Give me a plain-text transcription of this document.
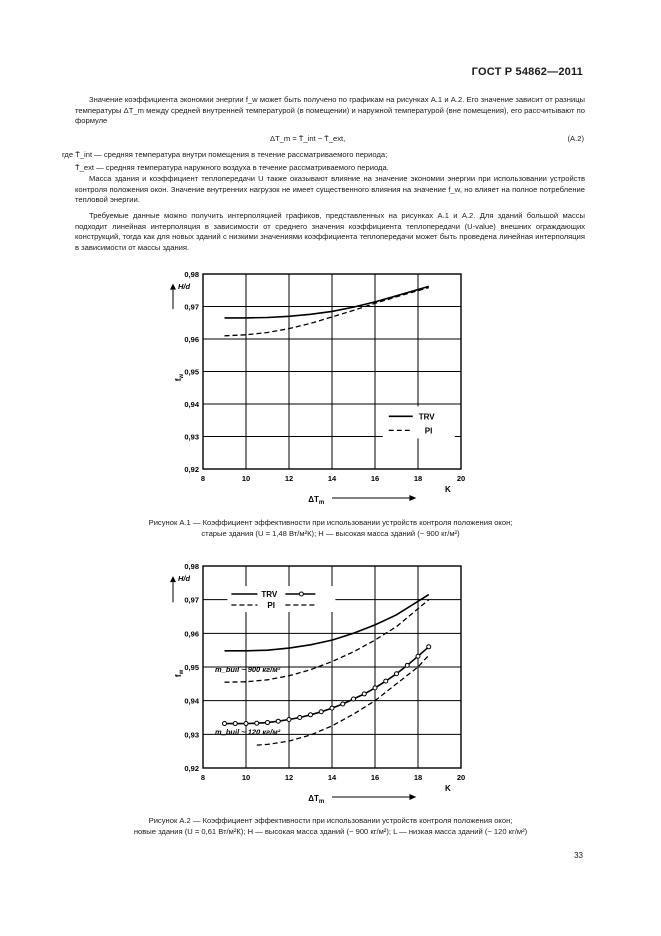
ГОСТ Р 54862—2011
Значение коэффициента экономии энергии f_w может быть получено по графикам на рисунках А.1 и А.2. Его значение зависит от разницы температуры ΔT_m между средней внутренней температурой (в помещении) и наружной температурой (вне помещения), его рассчитывают по формуле
ΔT_m = T̄_int − T̄_ext,	(А.2)
где T̄_int — средняя температура внутри помещения в течение рассматриваемого периода;
T̄_ext — средняя температура наружного воздуха в течение рассматриваемого периода.
Масса здания и коэффициент теплопередачи U также оказывают влияние на значение экономии энергии при использовании устройств контроля положения окон. Значение внутренних нагрузок не имеет существенного влияния на значение f_w, но влияет на полное потребление тепловой энергии.
Требуемые данные можно получить интерполяцией графиков, представленных на рисунках А.1 и А.2. Для зданий большой массы подходит линейная интерполяция в зависимости от среднего значения коэффициента теплопередачи (U-value) внешних ограждающих конструкций, тогда как для новых зданий с низкими значениями коэффициента теплопередачи может быть проведена линейная интерполяция в зависимости от массы здания.
0,92
0,93
0,94
0,95
0,96
0,97
0,98
8	10	12	14	16	18	20
K
$\Delta T_m$
$f_w$
H/d
TRV
PI
Рисунок А.1 — Коэффициент эффективности при использовании устройств контроля положения окон;
старые здания (U = 1,48 Вт/м²К); H — высокая масса зданий (~ 900 кг/м²)
0,92
0,93
0,94
0,95
0,96
0,97
0,98
8	10	12	14	16	18	20
K
$\Delta T_m$
$f_w$
H/d
TRV
PI
m_buil ~ 900 кг/м²
m_buil ~ 120 кг/м²
Рисунок А.2 — Коэффициент эффективности при использовании устройств контроля положения окон;
новые здания (U = 0,61 Вт/м²К); H — высокая масса зданий (~ 900 кг/м²); L — низкая масса зданий (~ 120 кг/м²)
33
